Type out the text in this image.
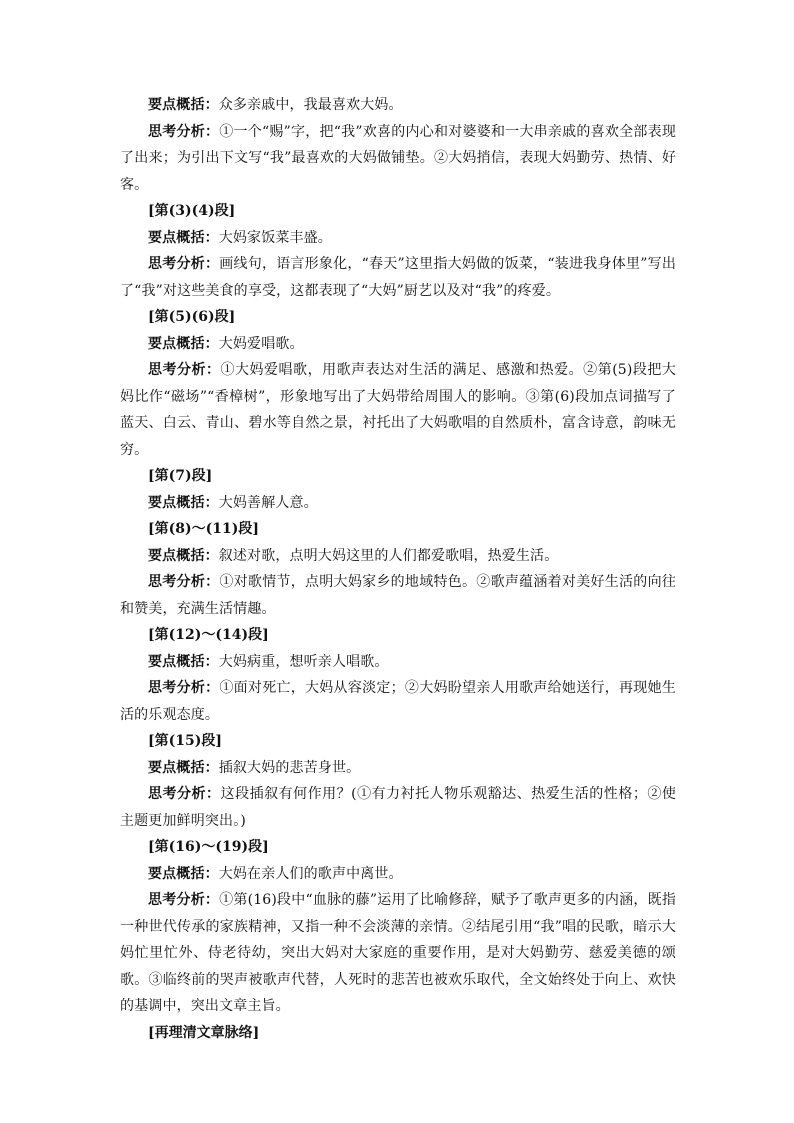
要点概括：众多亲戚中，我最喜欢大妈。

思考分析：①一个“赐”字，把“我”欢喜的内心和对婆婆和一大串亲戚的喜欢全部表现了出来；为引出下文写“我”最喜欢的大妈做铺垫。②大妈捎信，表现大妈勤劳、热情、好客。

[第(3)(4)段]

要点概括：大妈家饭菜丰盛。

思考分析：画线句，语言形象化，“春天”这里指大妈做的饭菜，“装进我身体里”写出了“我”对这些美食的享受，这都表现了“大妈”厨艺以及对“我”的疼爱。

[第(5)(6)段]

要点概括：大妈爱唱歌。

思考分析：①大妈爱唱歌，用歌声表达对生活的满足、感激和热爱。②第(5)段把大妈比作“磁场”“香樟树”，形象地写出了大妈带给周围人的影响。③第(6)段加点词描写了蓝天、白云、青山、碧水等自然之景，衬托出了大妈歌唱的自然质朴，富含诗意，韵味无穷。

[第(7)段]

要点概括：大妈善解人意。

[第(8)～(11)段]

要点概括：叙述对歌，点明大妈这里的人们都爱歌唱，热爱生活。

思考分析：①对歌情节，点明大妈家乡的地域特色。②歌声蕴涵着对美好生活的向往和赞美，充满生活情趣。

[第(12)～(14)段]

要点概括：大妈病重，想听亲人唱歌。

思考分析：①面对死亡，大妈从容淡定；②大妈盼望亲人用歌声给她送行，再现她生活的乐观态度。

[第(15)段]

要点概括：插叙大妈的悲苦身世。

思考分析：这段插叙有何作用？(①有力衬托人物乐观豁达、热爱生活的性格；②使主题更加鲜明突出。)

[第(16)～(19)段]

要点概括：大妈在亲人们的歌声中离世。

思考分析：①第(16)段中“血脉的藤”运用了比喻修辞，赋予了歌声更多的内涵，既指一种世代传承的家族精神，又指一种不会淡薄的亲情。②结尾引用“我”唱的民歌，暗示大妈忙里忙外、侍老待幼，突出大妈对大家庭的重要作用，是对大妈勤劳、慈爱美德的颂歌。③临终前的哭声被歌声代替，人死时的悲苦也被欢乐取代，全文始终处于向上、欢快的基调中，突出文章主旨。

[再理清文章脉络]
